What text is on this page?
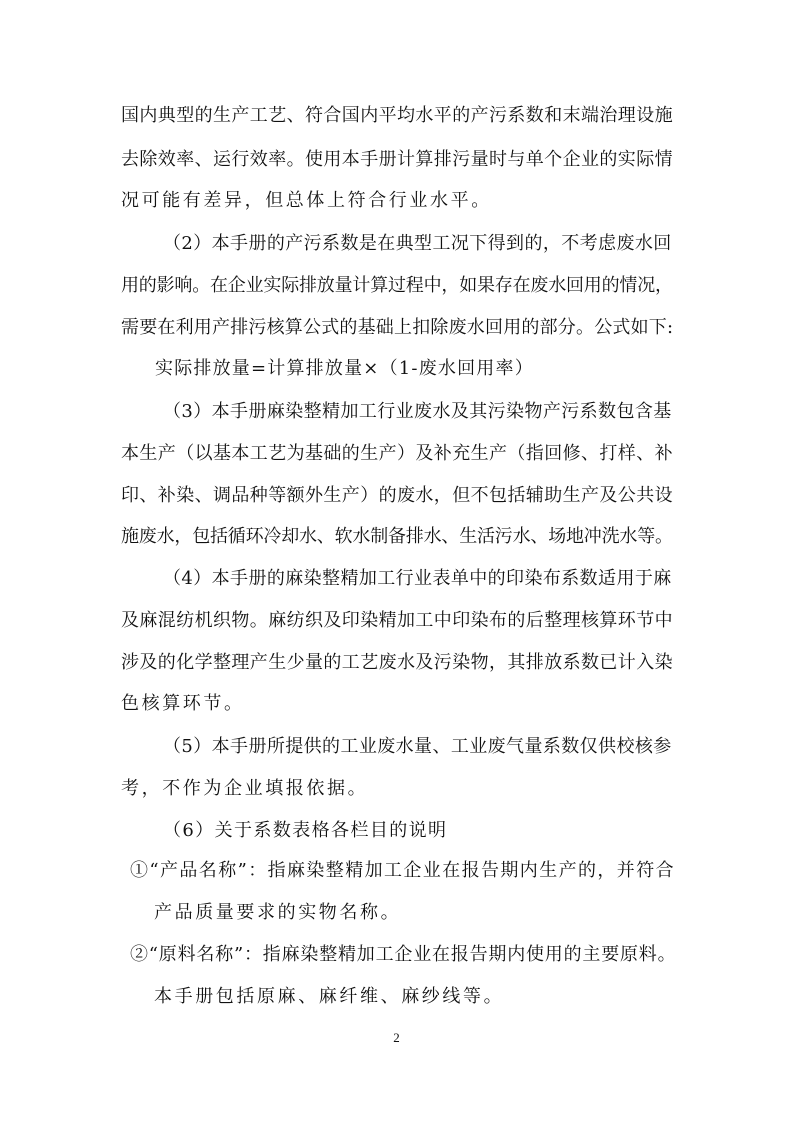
国内典型的生产工艺、符合国内平均水平的产污系数和末端治理设施
去除效率、运行效率。使用本手册计算排污量时与单个企业的实际情
况可能有差异，但总体上符合行业水平。
（2）本手册的产污系数是在典型工况下得到的，不考虑废水回
用的影响。在企业实际排放量计算过程中，如果存在废水回用的情况，
需要在利用产排污核算公式的基础上扣除废水回用的部分。公式如下:
实际排放量=计算排放量×（1-废水回用率）
（3）本手册麻染整精加工行业废水及其污染物产污系数包含基
本生产（以基本工艺为基础的生产）及补充生产（指回修、打样、补
印、补染、调品种等额外生产）的废水，但不包括辅助生产及公共设
施废水，包括循环冷却水、软水制备排水、生活污水、场地冲洗水等。
（4）本手册的麻染整精加工行业表单中的印染布系数适用于麻
及麻混纺机织物。麻纺织及印染精加工中印染布的后整理核算环节中
涉及的化学整理产生少量的工艺废水及污染物，其排放系数已计入染
色核算环节。
（5）本手册所提供的工业废水量、工业废气量系数仅供校核参
考，不作为企业填报依据。
（6）关于系数表格各栏目的说明
①“产品名称”：指麻染整精加工企业在报告期内生产的，并符合
产品质量要求的实物名称。
②“原料名称”：指麻染整精加工企业在报告期内使用的主要原料。
本手册包括原麻、麻纤维、麻纱线等。
2
